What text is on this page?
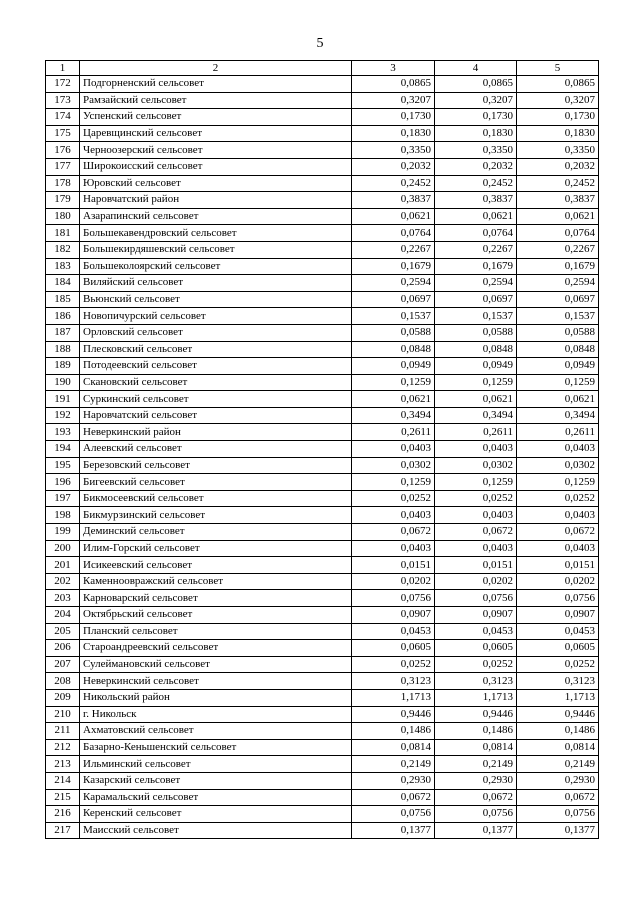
5
1	2	3	4	5
172	Подгорненский сельсовет	0,0865	0,0865	0,0865
173	Рамзайский сельсовет	0,3207	0,3207	0,3207
174	Успенский сельсовет	0,1730	0,1730	0,1730
175	Царевщинский сельсовет	0,1830	0,1830	0,1830
176	Черноозерский сельсовет	0,3350	0,3350	0,3350
177	Широкоисский сельсовет	0,2032	0,2032	0,2032
178	Юровский сельсовет	0,2452	0,2452	0,2452
179	Наровчатский район	0,3837	0,3837	0,3837
180	Азарапинский сельсовет	0,0621	0,0621	0,0621
181	Большекавендровский сельсовет	0,0764	0,0764	0,0764
182	Большекирдяшевский сельсовет	0,2267	0,2267	0,2267
183	Большеколоярский сельсовет	0,1679	0,1679	0,1679
184	Виляйский сельсовет	0,2594	0,2594	0,2594
185	Вьюнский сельсовет	0,0697	0,0697	0,0697
186	Новопичурский сельсовет	0,1537	0,1537	0,1537
187	Орловский сельсовет	0,0588	0,0588	0,0588
188	Плесковский сельсовет	0,0848	0,0848	0,0848
189	Потодеевский сельсовет	0,0949	0,0949	0,0949
190	Скановский сельсовет	0,1259	0,1259	0,1259
191	Суркинский сельсовет	0,0621	0,0621	0,0621
192	Наровчатский сельсовет	0,3494	0,3494	0,3494
193	Неверкинский район	0,2611	0,2611	0,2611
194	Алеевский сельсовет	0,0403	0,0403	0,0403
195	Березовский сельсовет	0,0302	0,0302	0,0302
196	Бигеевский сельсовет	0,1259	0,1259	0,1259
197	Бикмосеевский сельсовет	0,0252	0,0252	0,0252
198	Бикмурзинский сельсовет	0,0403	0,0403	0,0403
199	Деминский сельсовет	0,0672	0,0672	0,0672
200	Илим-Горский сельсовет	0,0403	0,0403	0,0403
201	Исикеевский сельсовет	0,0151	0,0151	0,0151
202	Каменноовражский сельсовет	0,0202	0,0202	0,0202
203	Карноварский сельсовет	0,0756	0,0756	0,0756
204	Октябрьский сельсовет	0,0907	0,0907	0,0907
205	Планский сельсовет	0,0453	0,0453	0,0453
206	Староандреевский сельсовет	0,0605	0,0605	0,0605
207	Сулеймановский сельсовет	0,0252	0,0252	0,0252
208	Неверкинский сельсовет	0,3123	0,3123	0,3123
209	Никольский район	1,1713	1,1713	1,1713
210	г. Никольск	0,9446	0,9446	0,9446
211	Ахматовский сельсовет	0,1486	0,1486	0,1486
212	Базарно-Кеньшенский сельсовет	0,0814	0,0814	0,0814
213	Ильминский сельсовет	0,2149	0,2149	0,2149
214	Казарский сельсовет	0,2930	0,2930	0,2930
215	Карамальский сельсовет	0,0672	0,0672	0,0672
216	Керенский сельсовет	0,0756	0,0756	0,0756
217	Маисский сельсовет	0,1377	0,1377	0,1377
